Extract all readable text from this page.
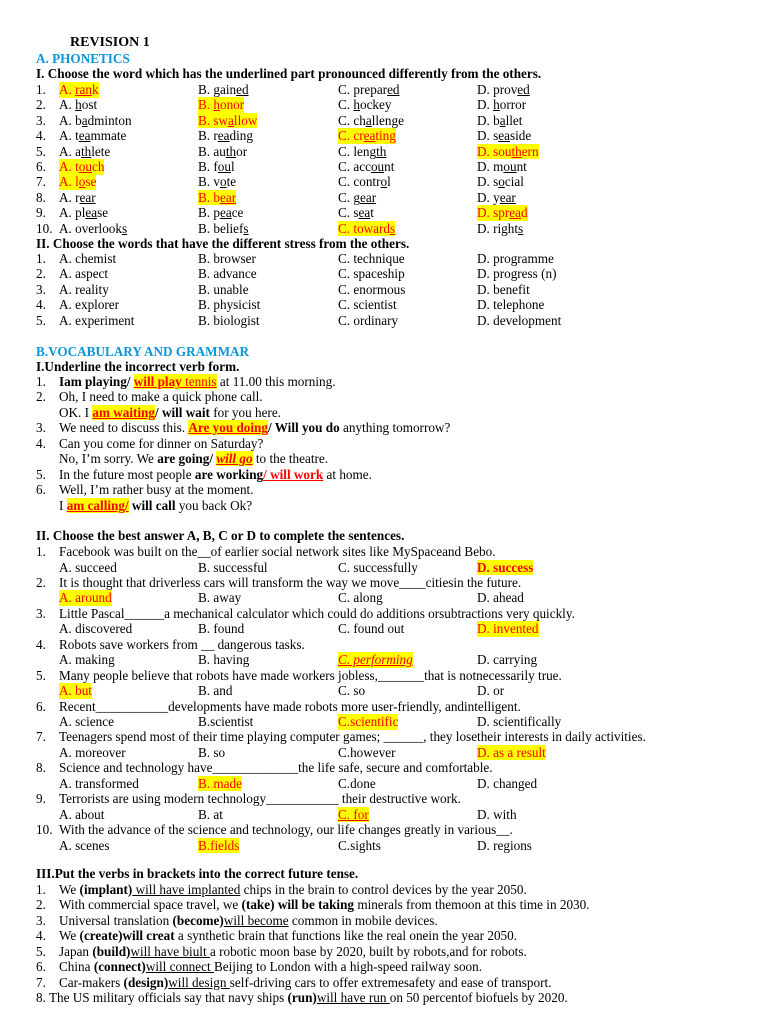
REVISION 1
A. PHONETICS
I. Choose the word which has the underlined part pronounced differently from the others.
1. A. rank	B. gained	C. prepared	D. proved
2. A. host	B. honor	C. hockey	D. horror
3. A. badminton	B. swallow	C. challenge	D. ballet
4. A. teammate	B. reading	C. creating	D. seaside
5. A. athlete	B. author	C. length	D. southern
6. A. touch	B. foul	C. account	D. mount
7. A. lose	B. vote	C. control	D. social
8. A. rear	B. bear	C. gear	D. year
9. A. please	B. peace	C. seat	D. spread
10. A. overlooks	B. beliefs	C. towards	D. rights
II. Choose the words that have the different stress from the others.
1. A. chemist	B. browser	C. technique	D. programme
2. A. aspect	B. advance	C. spaceship	D. progress (n)
3. A. reality	B. unable	C. enormous	D. benefit
4. A. explorer	B. physicist	C. scientist	D. telephone
5. A. experiment	B. biologist	C. ordinary	D. development
B.VOCABULARY AND GRAMMAR
I.Underline the incorrect verb form.
1. Iam playing/ will play tennis at 11.00 this morning.
2. Oh, I need to make a quick phone call.
OK. I am waiting/ will wait for you here.
3. We need to discuss this. Are you doing/ Will you do anything tomorrow?
4. Can you come for dinner on Saturday?
No, I’m sorry. We are going/ will go to the theatre.
5. In the future most people are working/ will work at home.
6. Well, I’m rather busy at the moment.
I am calling/ will call you back Ok?
II. Choose the best answer A, B, C or D to complete the sentences.
1. Facebook was built on the__of earlier social network sites like MySpaceand Bebo.
A. succeed	B. successful	C. successfully	D. success
2. It is thought that driverless cars will transform the way we move____citiesin the future.
A. around	B. away	C. along	D. ahead
3. Little Pascal______a mechanical calculator which could do additions orsubtractions very quickly.
A. discovered	B. found	C. found out	D. invented
4. Robots save workers from __ dangerous tasks.
A. making	B. having	C. performing	D. carrying
5. Many people believe that robots have made workers jobless,_______that is notnecessarily true.
A. but	B. and	C. so	D. or
6. Recent___________developments have made robots more user-friendly, andintelligent.
A. science	B.scientist	C.scientific	D. scientifically
7. Teenagers spend most of their time playing computer games; ______, they losetheir interests in daily activities.
A. moreover	B. so	C.however	D. as a result
8. Science and technology have_____________the life safe, secure and comfortable.
A. transformed	B. made	C.done	D. changed
9. Terrorists are using modern technology___________ their destructive work.
A. about	B. at	C. for	D. with
10. With the advance of the science and technology, our life changes greatly in various__.
A. scenes	B.fields	C.sights	D. regions
III.Put the verbs in brackets into the correct future tense.
1. We (implant) will have implanted chips in the brain to control devices by the year 2050.
2. With commercial space travel, we (take) will be taking minerals from themoon at this time in 2030.
3. Universal translation (become)will become common in mobile devices.
4. We (create)will creat a synthetic brain that functions like the real onein the year 2050.
5. Japan (build)will have biult a robotic moon base by 2020, built by robots,and for robots.
6. China (connect)will connect Beijing to London with a high-speed railway soon.
7. Car-makers (design)will design self-driving cars to offer extremesafety and ease of transport.
8. The US military officials say that navy ships (run)will have run on 50 percentof biofuels by 2020.
